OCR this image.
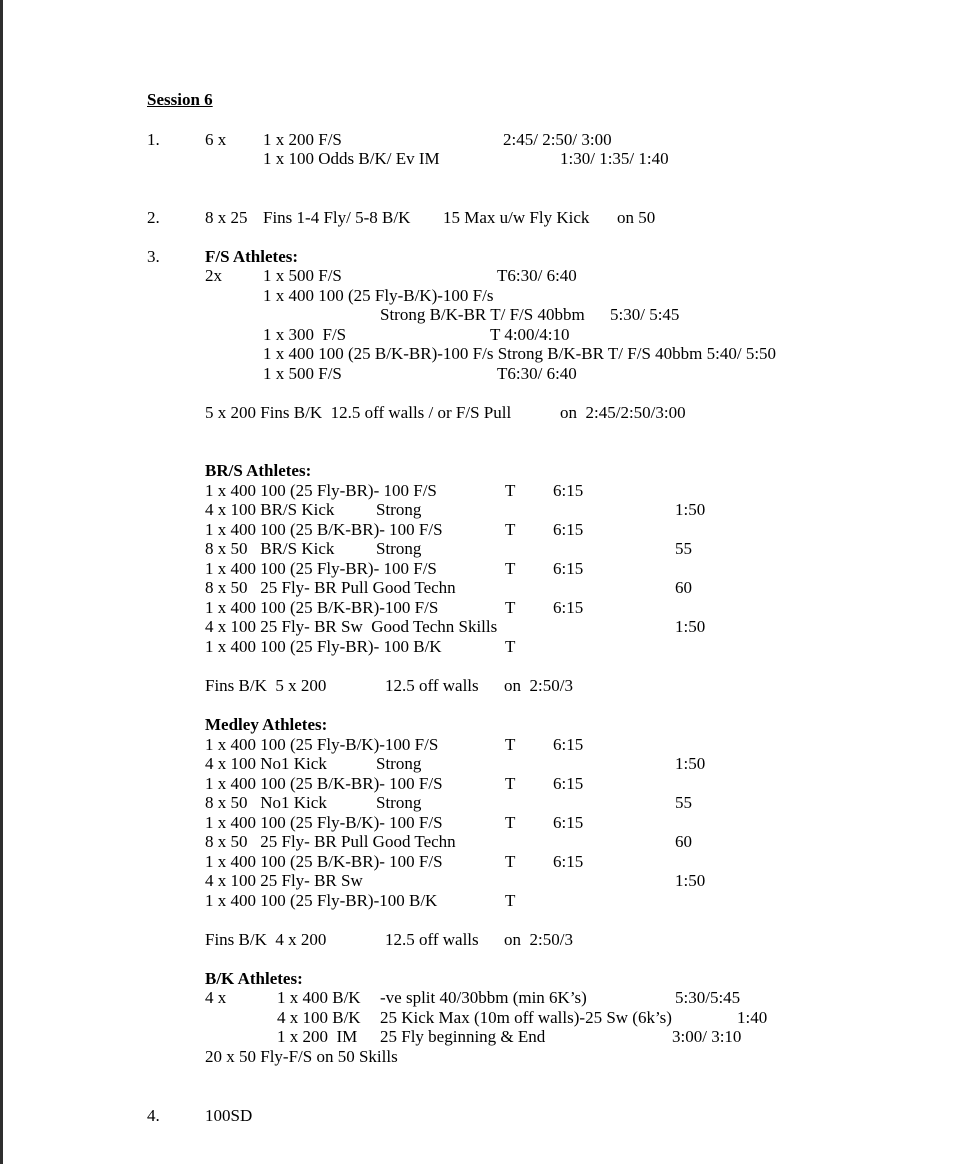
Session 6
1.	6 x 1 x 200 F/S	2:45/ 2:50/ 3:00
1 x 100 Odds B/K/ Ev IM	1:30/ 1:35/ 1:40
2.	8 x 25 Fins 1-4 Fly/ 5-8 B/K 15 Max u/w Fly Kick on 50
3.	F/S Athletes:
2x 1 x 500 F/S	T6:30/ 6:40
1 x 400 100 (25 Fly-B/K)-100 F/s
Strong B/K-BR T/ F/S 40bbm 5:30/ 5:45
1 x 300  F/S	T 4:00/4:10
1 x 400 100 (25 B/K-BR)-100 F/s Strong B/K-BR T/ F/S 40bbm 5:40/ 5:50
1 x 500 F/S	T6:30/ 6:40
5 x 200 Fins B/K  12.5 off walls / or F/S Pull	on  2:45/2:50/3:00
BR/S Athletes:
1 x 400 100 (25 Fly-BR)- 100 F/S	T 6:15
4 x 100 BR/S Kick Strong	1:50
1 x 400 100 (25 B/K-BR)- 100 F/S	T 6:15
8 x 50   BR/S Kick Strong	55
1 x 400 100 (25 Fly-BR)- 100 F/S	T 6:15
8 x 50   25 Fly- BR Pull Good Techn	60
1 x 400 100 (25 B/K-BR)-100 F/S	T 6:15
4 x 100 25 Fly- BR Sw  Good Techn Skills	1:50
1 x 400 100 (25 Fly-BR)- 100 B/K	T
Fins B/K  5 x 200	12.5 off walls on  2:50/3
Medley Athletes:
1 x 400 100 (25 Fly-B/K)-100 F/S	T 6:15
4 x 100 No1 Kick	Strong	1:50
1 x 400 100 (25 B/K-BR)- 100 F/S	T 6:15
8 x 50   No1 Kick	Strong	55
1 x 400 100 (25 Fly-B/K)- 100 F/S	T 6:15
8 x 50   25 Fly- BR Pull Good Techn	60
1 x 400 100 (25 B/K-BR)- 100 F/S	T 6:15
4 x 100 25 Fly- BR Sw	1:50
1 x 400 100 (25 Fly-BR)-100 B/K	T
Fins B/K  4 x 200	12.5 off walls on  2:50/3
B/K Athletes:
4 x	1 x 400 B/K -ve split 40/30bbm (min 6K’s)	5:30/5:45
4 x 100 B/K 25 Kick Max (10m off walls)-25 Sw (6k’s)	1:40
1 x 200  IM 25 Fly beginning & End	3:00/ 3:10
20 x 50 Fly-F/S on 50 Skills
4.	100SD
